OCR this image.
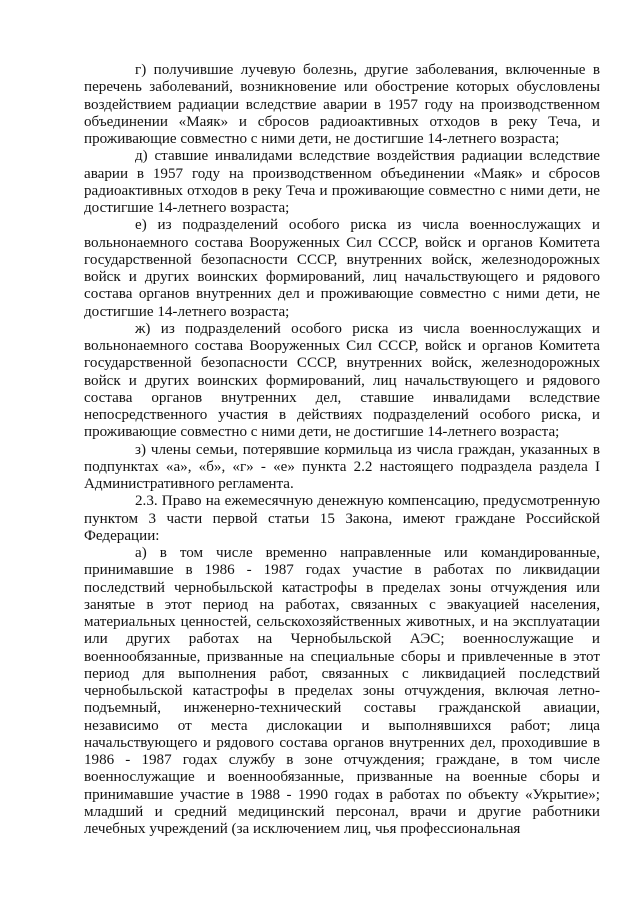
г) получившие лучевую болезнь, другие заболевания, включенные в перечень заболеваний, возникновение или обострение которых обусловлены воздействием радиации вследствие аварии в 1957 году на производственном объединении «Маяк» и сбросов радиоактивных отходов в реку Теча, и проживающие совместно с ними дети, не достигшие 14-летнего возраста;

д) ставшие инвалидами вследствие воздействия радиации вследствие аварии в 1957 году на производственном объединении «Маяк» и сбросов радиоактивных отходов в реку Теча и проживающие совместно с ними дети, не достигшие 14-летнего возраста;

е) из подразделений особого риска из числа военнослужащих и вольнонаемного состава Вооруженных Сил СССР, войск и органов Комитета государственной безопасности СССР, внутренних войск, железнодорожных войск и других воинских формирований, лиц начальствующего и рядового состава органов внутренних дел и проживающие совместно с ними дети, не достигшие 14-летнего возраста;

ж) из подразделений особого риска из числа военнослужащих и вольнонаемного состава Вооруженных Сил СССР, войск и органов Комитета государственной безопасности СССР, внутренних войск, железнодорожных войск и других воинских формирований, лиц начальствующего и рядового состава органов внутренних дел, ставшие инвалидами вследствие непосредственного участия в действиях подразделений особого риска, и проживающие совместно с ними дети, не достигшие 14-летнего возраста;

з) члены семьи, потерявшие кормильца из числа граждан, указанных в подпунктах «а», «б», «г» - «е» пункта 2.2 настоящего подраздела раздела I Административного регламента.

2.3. Право на ежемесячную денежную компенсацию, предусмотренную пунктом 3 части первой статьи 15 Закона, имеют граждане Российской Федерации:

а) в том числе временно направленные или командированные, принимавшие в 1986 - 1987 годах участие в работах по ликвидации последствий чернобыльской катастрофы в пределах зоны отчуждения или занятые в этот период на работах, связанных с эвакуацией населения, материальных ценностей, сельскохозяйственных животных, и на эксплуатации или других работах на Чернобыльской АЭС; военнослужащие и военнообязанные, призванные на специальные сборы и привлеченные в этот период для выполнения работ, связанных с ликвидацией последствий чернобыльской катастрофы в пределах зоны отчуждения, включая летно-подъемный, инженерно-технический составы гражданской авиации, независимо от места дислокации и выполнявшихся работ; лица начальствующего и рядового состава органов внутренних дел, проходившие в 1986 - 1987 годах службу в зоне отчуждения; граждане, в том числе военнослужащие и военнообязанные, призванные на военные сборы и принимавшие участие в 1988 - 1990 годах в работах по объекту «Укрытие»; младший и средний медицинский персонал, врачи и другие работники лечебных учреждений (за исключением лиц, чья профессиональная
